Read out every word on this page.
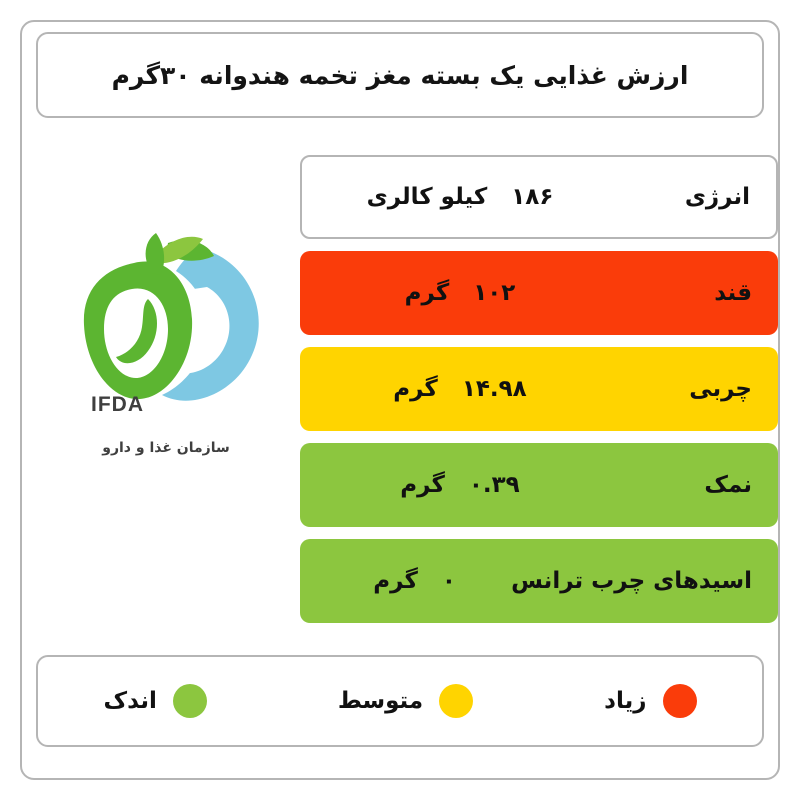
ارزش غذایی یک بسته مغز تخمه هندوانه ۳۰گرم
IFDA
سازمان غذا و دارو
انرژی
۱۸۶ کیلو کالری
قند
۱۰۲ گرم
چربی
۱۴.۹۸ گرم
نمک
۰.۳۹ گرم
اسیدهای چرب ترانس
۰ گرم
اندک	متوسط	زیاد
